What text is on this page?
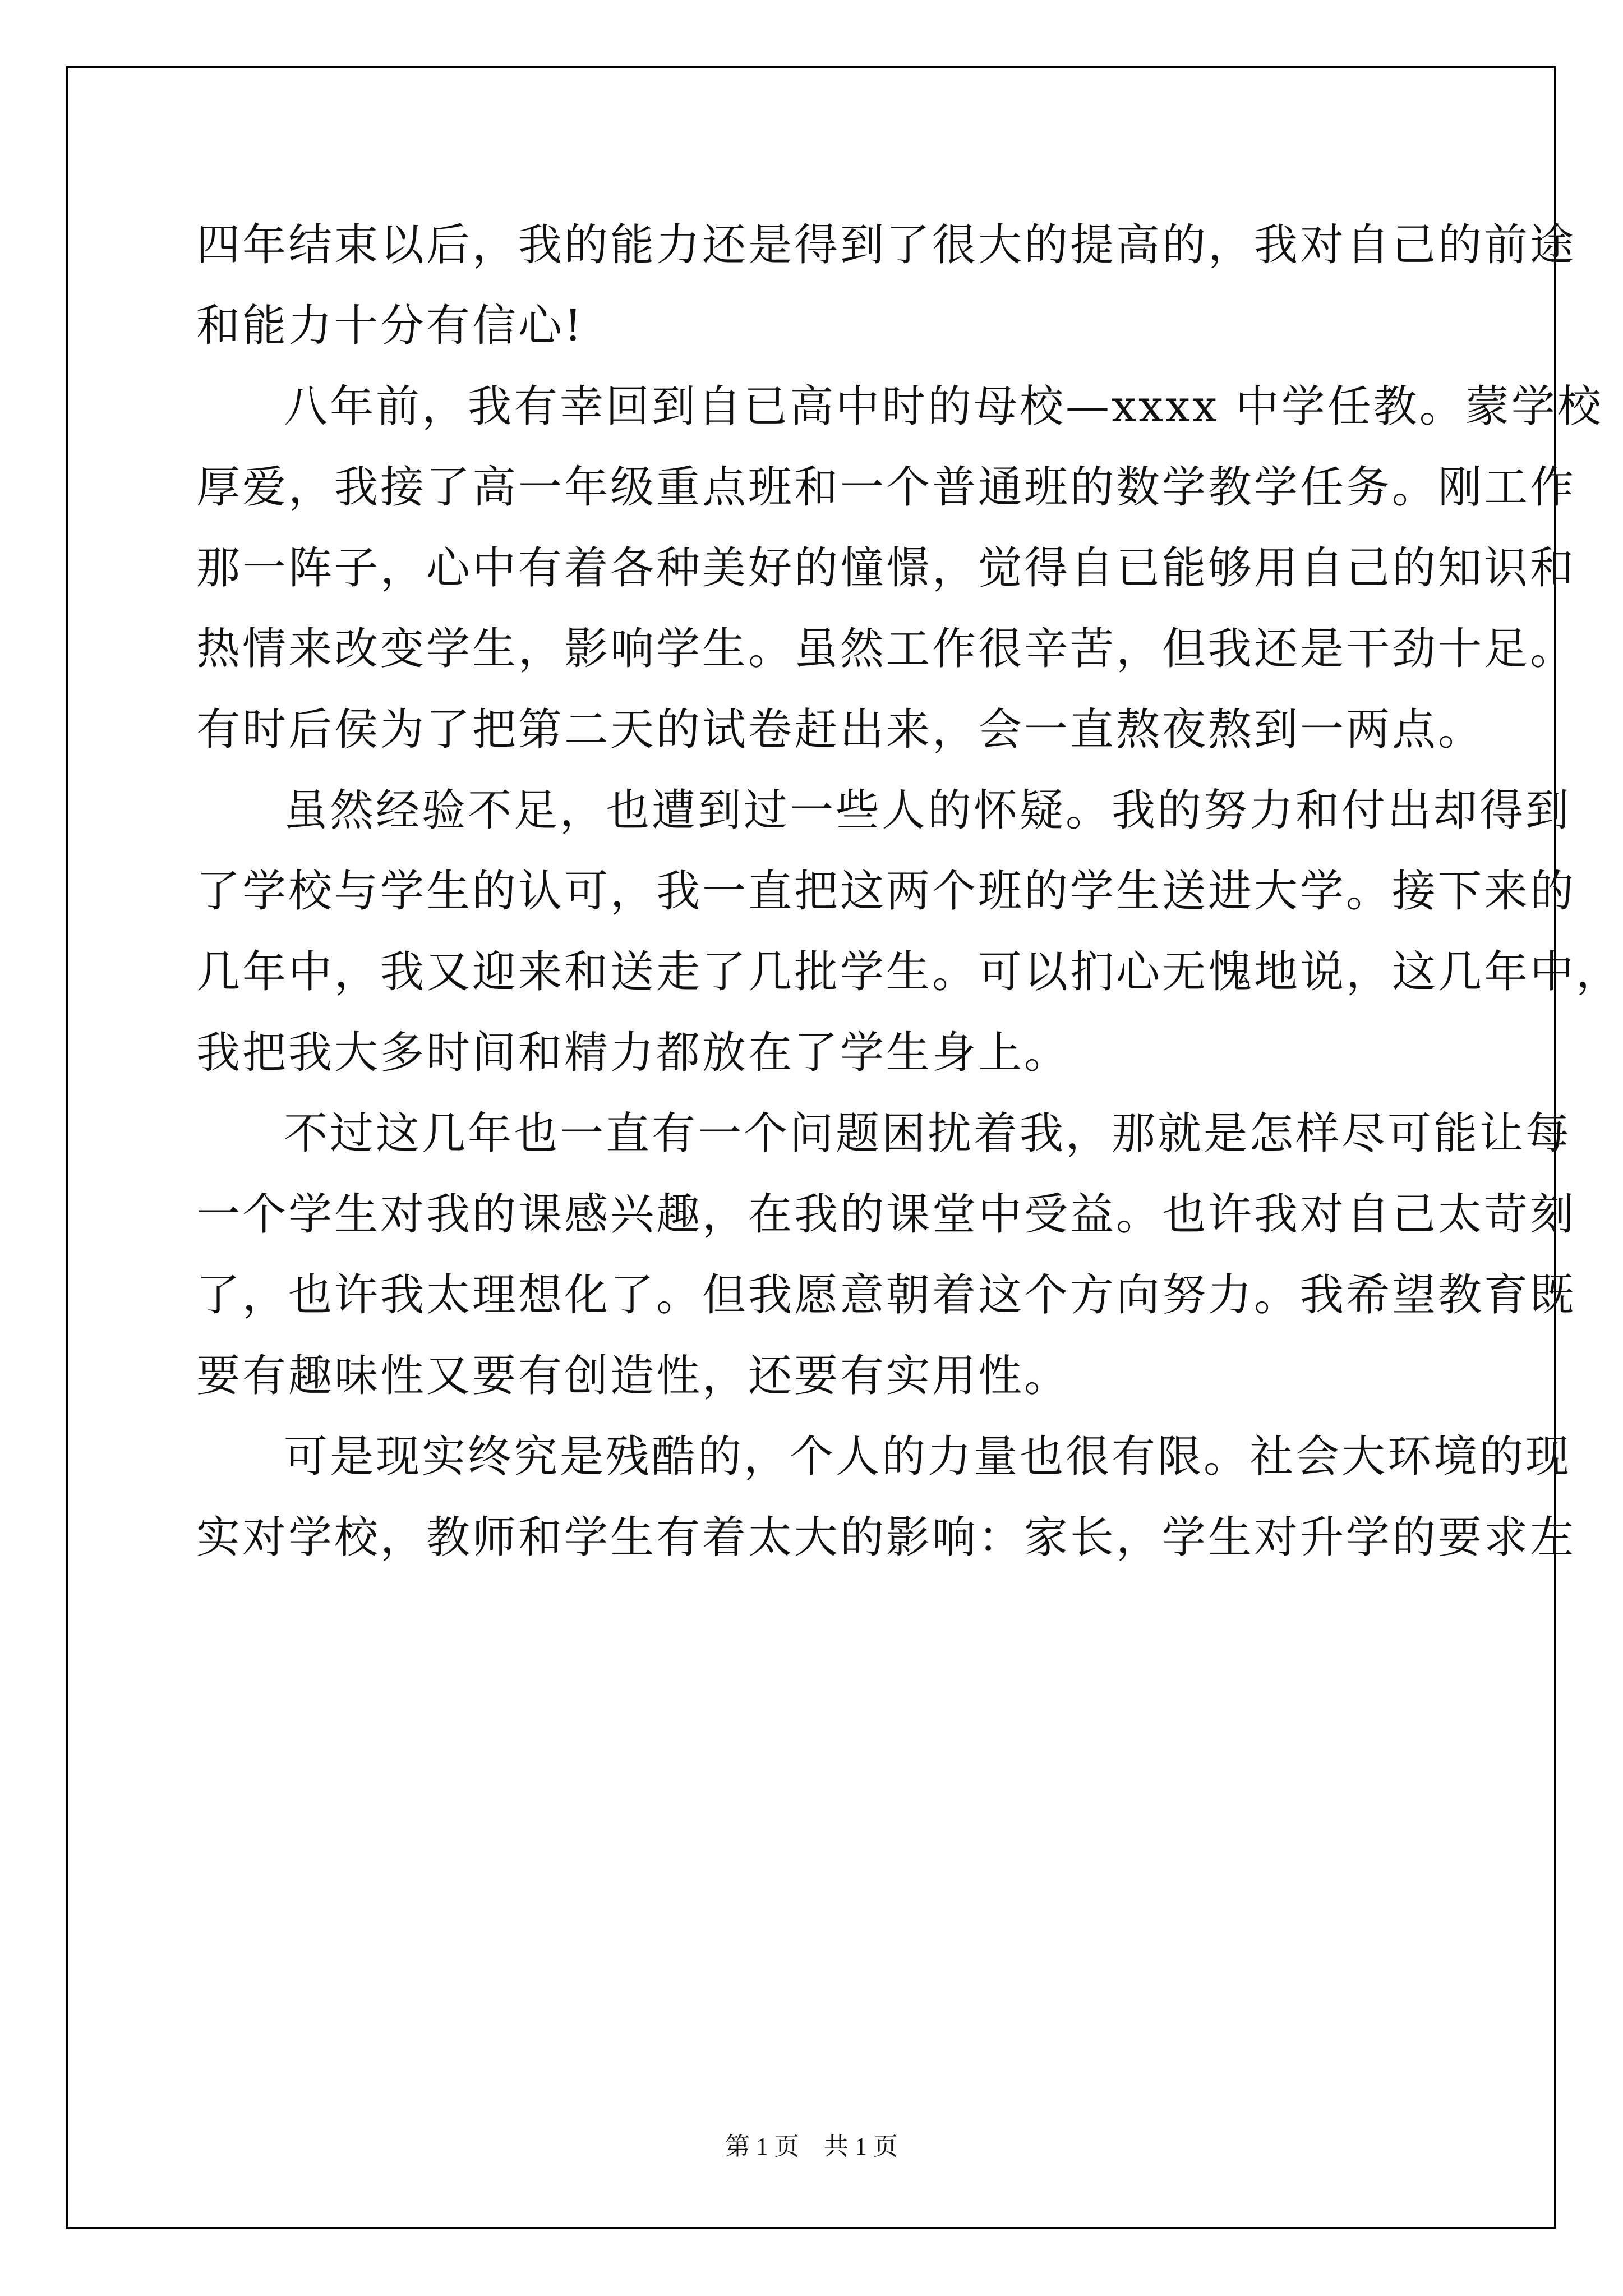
四年结束以后，我的能力还是得到了很大的提高的，我对自己的前途
和能力十分有信心!
八年前，我有幸回到自已高中时的母校—xxxx 中学任教。蒙学校
厚爱，我接了高一年级重点班和一个普通班的数学教学任务。刚工作
那一阵子，心中有着各种美好的憧憬，觉得自已能够用自己的知识和
热情来改变学生，影响学生。虽然工作很辛苦，但我还是干劲十足。
有时后侯为了把第二天的试卷赶出来，会一直熬夜熬到一两点。
虽然经验不足，也遭到过一些人的怀疑。我的努力和付出却得到
了学校与学生的认可，我一直把这两个班的学生送进大学。接下来的
几年中，我又迎来和送走了几批学生。可以扪心无愧地说，这几年中，
我把我大多时间和精力都放在了学生身上。
不过这几年也一直有一个问题困扰着我，那就是怎样尽可能让每
一个学生对我的课感兴趣，在我的课堂中受益。也许我对自己太苛刻
了，也许我太理想化了。但我愿意朝着这个方向努力。我希望教育既
要有趣味性又要有创造性，还要有实用性。
可是现实终究是残酷的，个人的力量也很有限。社会大环境的现
实对学校，教师和学生有着太大的影响：家长，学生对升学的要求左
第 1 页　共 1 页
